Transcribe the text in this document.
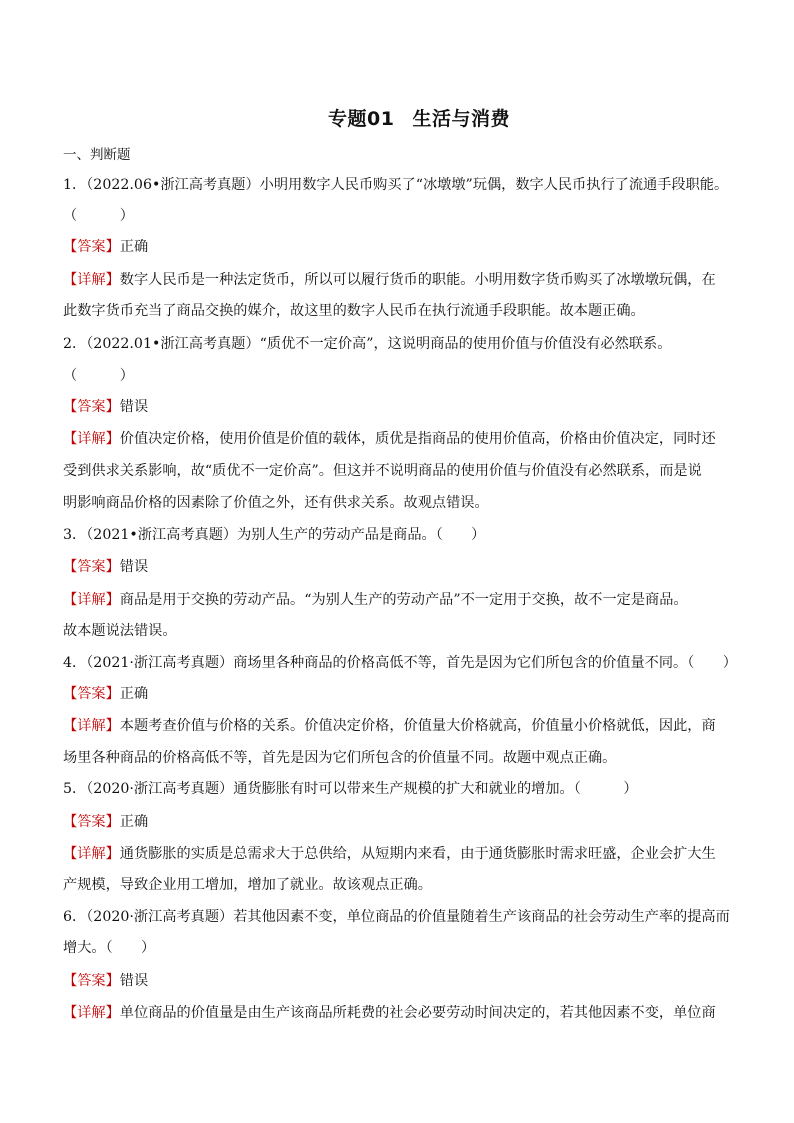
专题01 生活与消费
一、判断题
1．（2022.06•浙江高考真题）小明用数字人民币购买了“冰墩墩”玩偶，数字人民币执行了流通手段职能。
（　　　）
【答案】正确
【详解】数字人民币是一种法定货币，所以可以履行货币的职能。小明用数字货币购买了冰墩墩玩偶，在
此数字货币充当了商品交换的媒介，故这里的数字人民币在执行流通手段职能。故本题正确。
2．（2022.01•浙江高考真题）“质优不一定价高”，这说明商品的使用价值与价值没有必然联系。
（　　　）
【答案】错误
【详解】价值决定价格，使用价值是价值的载体，质优是指商品的使用价值高，价格由价值决定，同时还
受到供求关系影响，故“质优不一定价高”。但这并不说明商品的使用价值与价值没有必然联系，而是说
明影响商品价格的因素除了价值之外，还有供求关系。故观点错误。
3．（2021•浙江高考真题）为别人生产的劳动产品是商品。（　　）
【答案】错误
【详解】商品是用于交换的劳动产品。“为别人生产的劳动产品”不一定用于交换，故不一定是商品。
故本题说法错误。
4．（2021·浙江高考真题）商场里各种商品的价格高低不等，首先是因为它们所包含的价值量不同。（　　）
【答案】正确
【详解】本题考查价值与价格的关系。价值决定价格，价值量大价格就高，价值量小价格就低，因此，商
场里各种商品的价格高低不等，首先是因为它们所包含的价值量不同。故题中观点正确。
5．（2020·浙江高考真题）通货膨胀有时可以带来生产规模的扩大和就业的增加。（　　　）
【答案】正确
【详解】通货膨胀的实质是总需求大于总供给，从短期内来看，由于通货膨胀时需求旺盛，企业会扩大生
产规模，导致企业用工增加，增加了就业。故该观点正确。
6．（2020·浙江高考真题）若其他因素不变，单位商品的价值量随着生产该商品的社会劳动生产率的提高而
增大。（　　）
【答案】错误
【详解】单位商品的价值量是由生产该商品所耗费的社会必要劳动时间决定的，若其他因素不变，单位商
